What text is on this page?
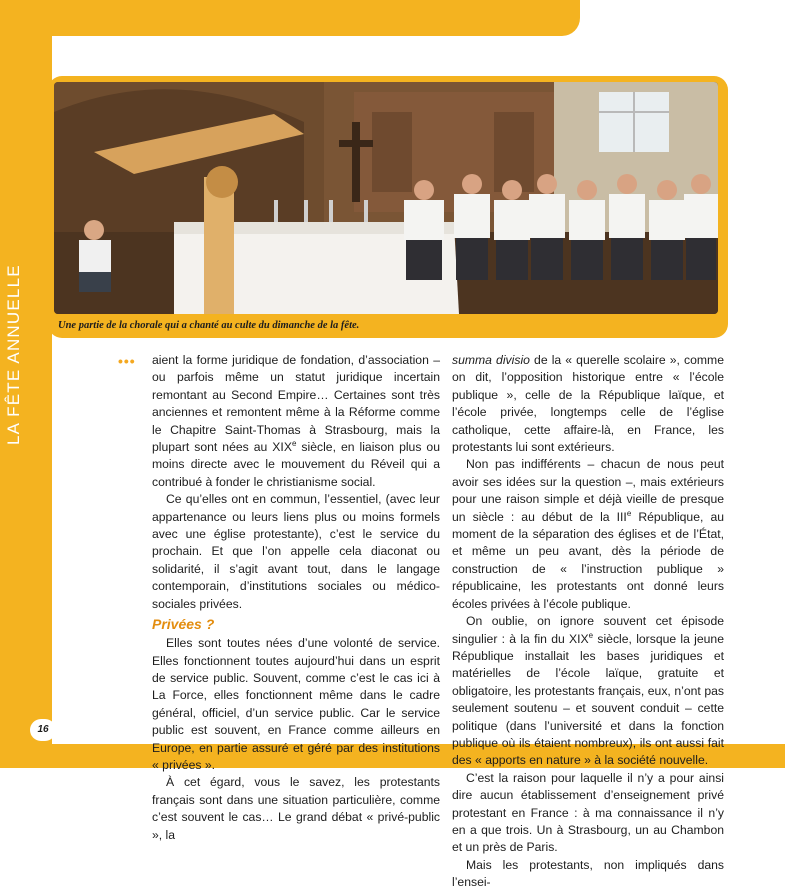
LA FÊTE ANNUELLE	Une partie de la chorale qui a chanté au culte du dimanche de la fête.
•••	aient la forme juridique de fondation, d’association – ou parfois même un statut juridique incertain remontant au Second Empire… Certaines sont très anciennes et remontent même à la Réforme comme le Chapitre Saint-Thomas à Strasbourg, mais la plupart sont nées au XIXe siècle, en liaison plus ou moins directe avec le mouvement du Réveil qui a contribué à fonder le christianisme social.

Ce qu’elles ont en commun, l’essentiel, (avec leur appartenance ou leurs liens plus ou moins formels avec une église protestante), c’est le service du prochain. Et que l’on appelle cela diaconat ou solidarité, il s’agit avant tout, dans le langage contemporain, d’institutions sociales ou médico-sociales privées.

Privées ?

Elles sont toutes nées d’une volonté de service. Elles fonctionnent toutes aujourd’hui dans un esprit de service public. Souvent, comme c’est le cas ici à La Force, elles fonctionnent même dans le cadre général, officiel, d’un service public. Car le service public est souvent, en France comme ailleurs en Europe, en partie assuré et géré par des institutions « privées ».

À cet égard, vous le savez, les protestants français sont dans une situation particulière, comme c’est souvent le cas… Le grand débat « privé-public », la

summa divisio de la « querelle scolaire », comme on dit, l’opposition historique entre « l’école publique », celle de la République laïque, et l’école privée, longtemps celle de l’église catholique, cette affaire-là, en France, les protestants lui sont extérieurs.

Non pas indifférents – chacun de nous peut avoir ses idées sur la question –, mais extérieurs pour une raison simple et déjà vieille de presque un siècle : au début de la IIIe République, au moment de la séparation des églises et de l’État, et même un peu avant, dès la période de construction de « l’instruction publique » républicaine, les protestants ont donné leurs écoles privées à l’école publique.

On oublie, on ignore souvent cet épisode singulier : à la fin du XIXe siècle, lorsque la jeune République installait les bases juridiques et matérielles de l’école laïque, gratuite et obligatoire, les protestants français, eux, n’ont pas seulement soutenu – et souvent conduit – cette politique (dans l’université et dans la fonction publique où ils étaient nombreux), ils ont aussi fait des « apports en nature » à la société nouvelle.

C’est la raison pour laquelle il n’y a pour ainsi dire aucun établissement d’enseignement privé protestant en France : à ma connaissance il n’y en a que trois. Un à Strasbourg, un au Chambon et un près de Paris.

Mais les protestants, non impliqués dans l’ensei-

16
